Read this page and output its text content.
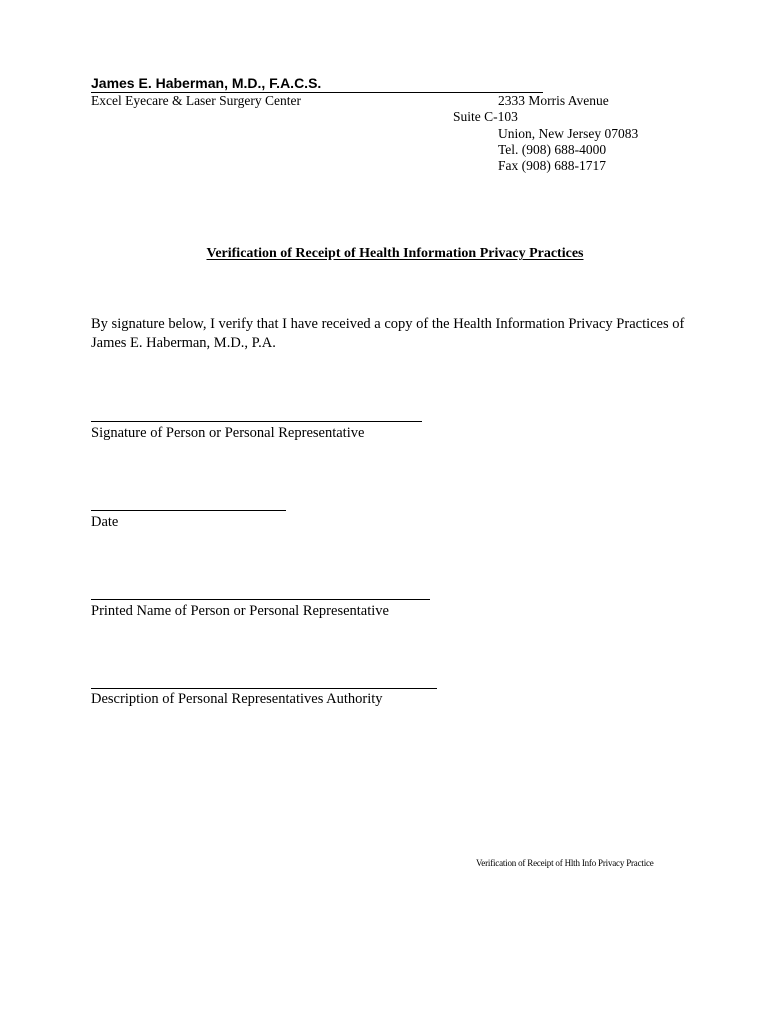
James E. Haberman, M.D., F.A.C.S.
Excel Eyecare & Laser Surgery Center	2333 Morris Avenue
Suite C-103
Union, New Jersey 07083
Tel. (908) 688-4000
Fax (908) 688-1717
Verification of Receipt of Health Information Privacy Practices
By signature below, I verify that I have received a copy of the Health Information Privacy Practices of James E. Haberman, M.D., P.A.
Signature of Person or Personal Representative
Date
Printed Name of Person or Personal Representative
Description of Personal Representatives Authority
Verification of Receipt of Hlth Info Privacy Practice
